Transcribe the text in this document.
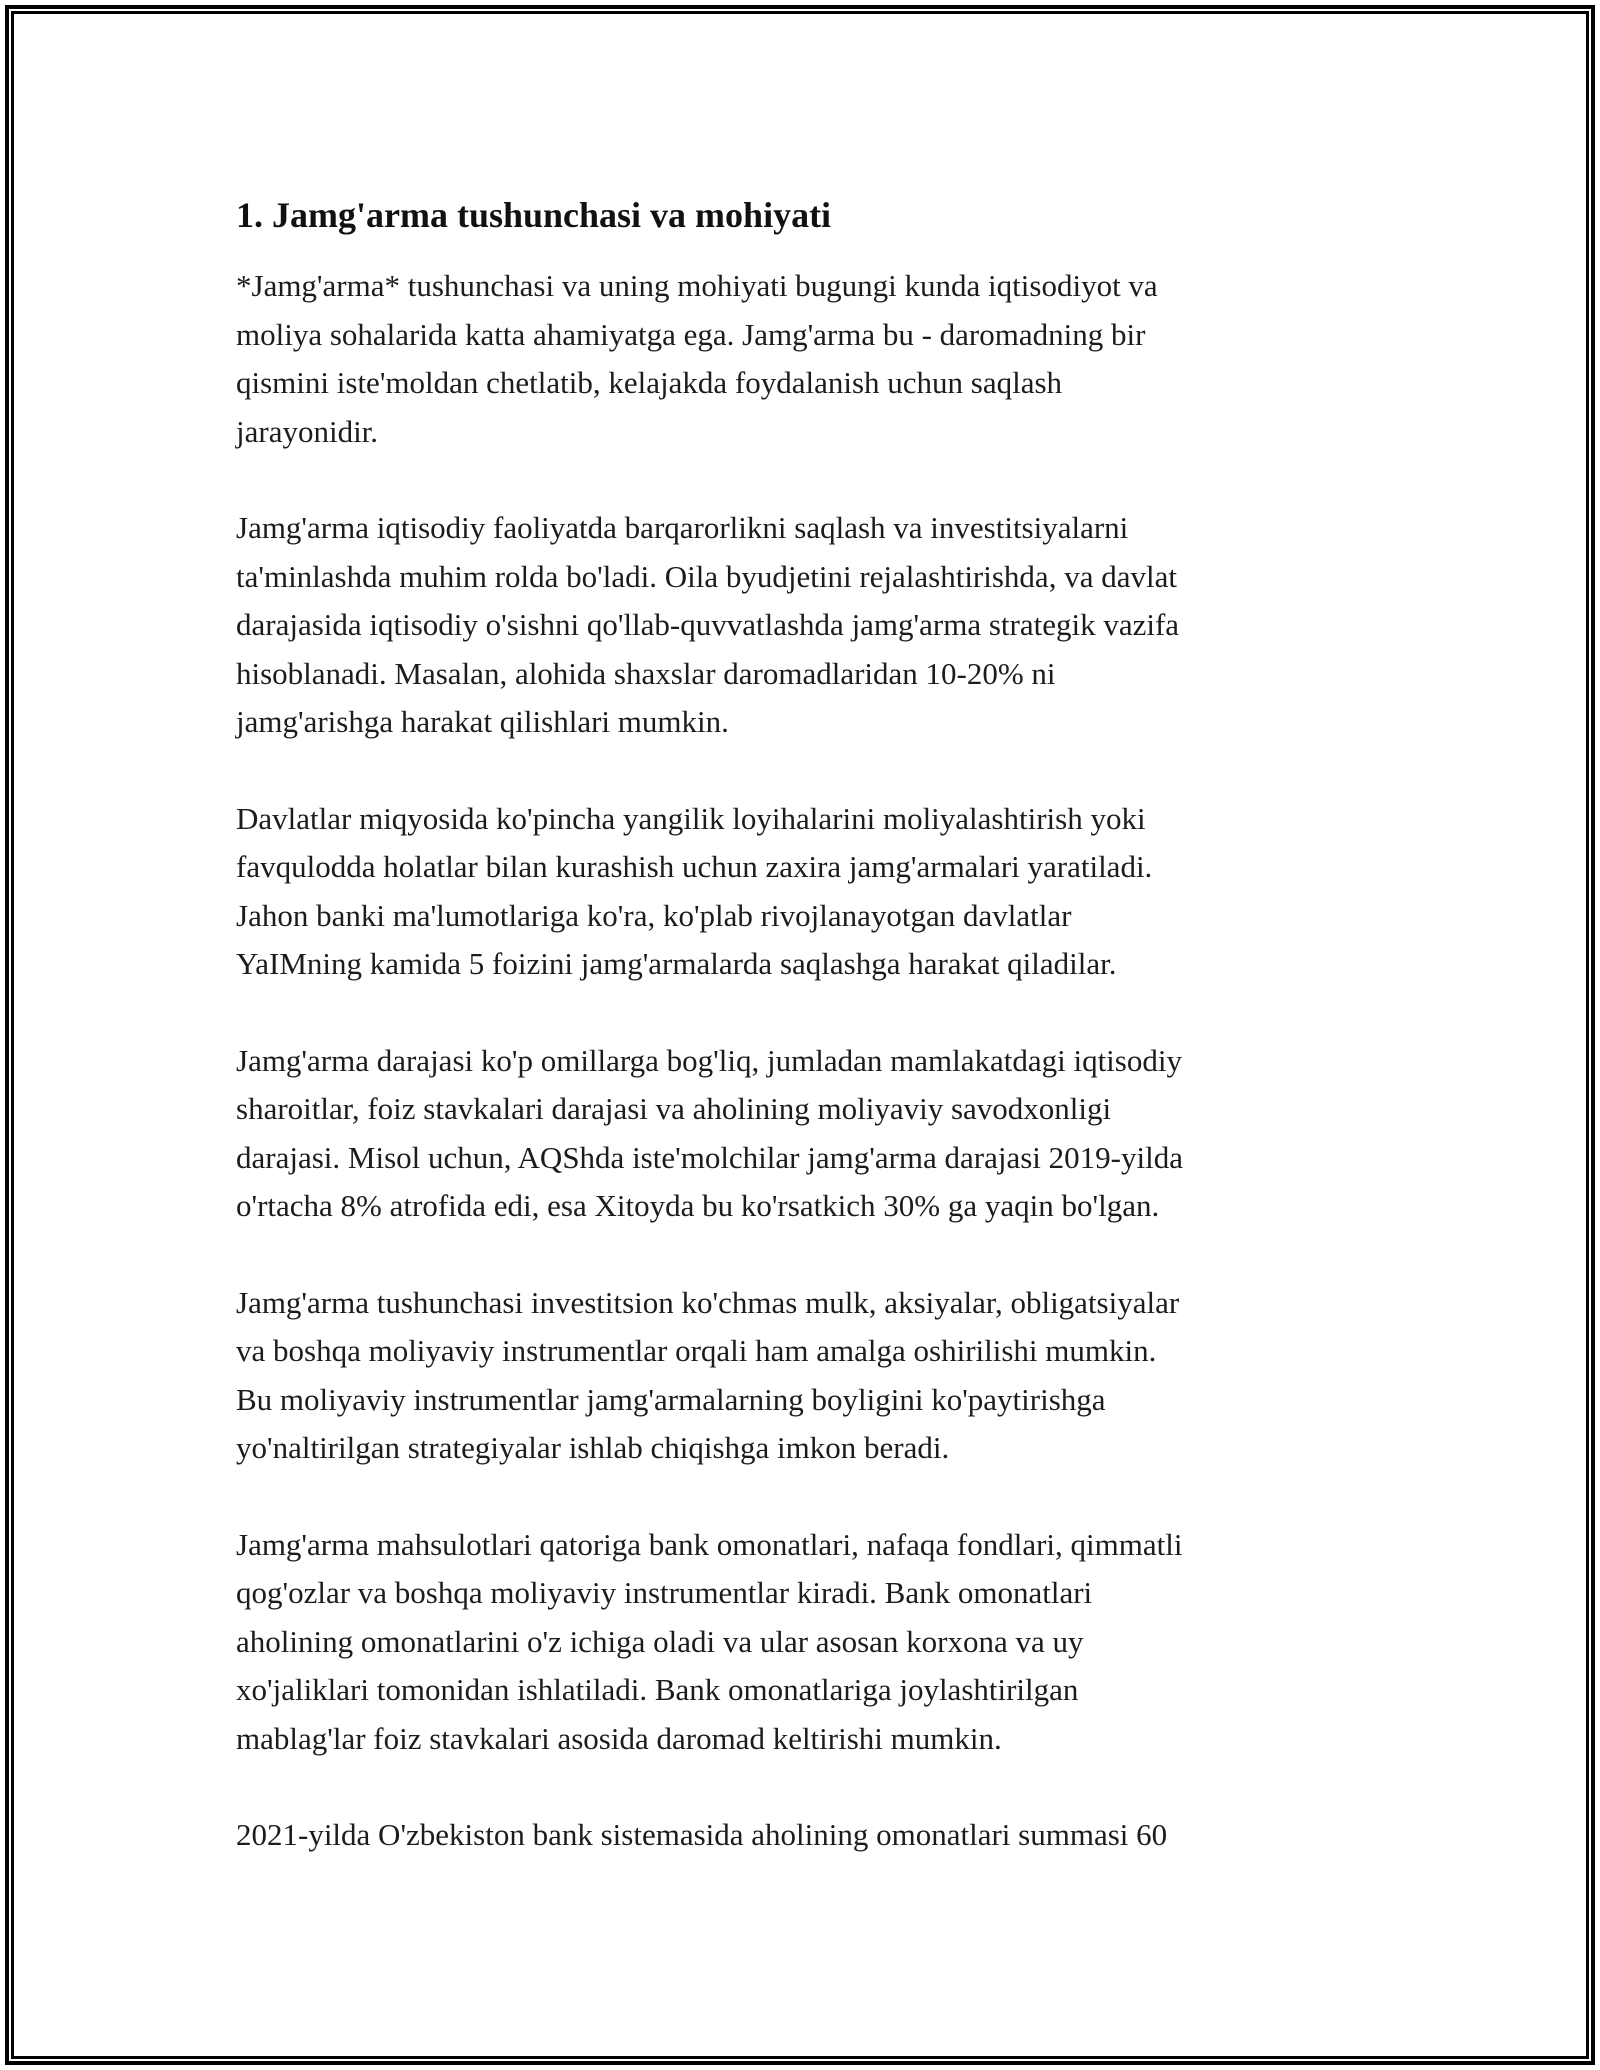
1. Jamg'arma tushunchasi va mohiyati

*Jamg'arma* tushunchasi va uning mohiyati bugungi kunda iqtisodiyot va
moliya sohalarida katta ahamiyatga ega. Jamg'arma bu - daromadning bir
qismini iste'moldan chetlatib, kelajakda foydalanish uchun saqlash
jarayonidir.

Jamg'arma iqtisodiy faoliyatda barqarorlikni saqlash va investitsiyalarni
ta'minlashda muhim rolda bo'ladi. Oila byudjetini rejalashtirishda, va davlat
darajasida iqtisodiy o'sishni qo'llab-quvvatlashda jamg'arma strategik vazifa
hisoblanadi. Masalan, alohida shaxslar daromadlaridan 10-20% ni
jamg'arishga harakat qilishlari mumkin.

Davlatlar miqyosida ko'pincha yangilik loyihalarini moliyalashtirish yoki
favqulodda holatlar bilan kurashish uchun zaxira jamg'armalari yaratiladi.
Jahon banki ma'lumotlariga ko'ra, ko'plab rivojlanayotgan davlatlar
YaIMning kamida 5 foizini jamg'armalarda saqlashga harakat qiladilar.

Jamg'arma darajasi ko'p omillarga bog'liq, jumladan mamlakatdagi iqtisodiy
sharoitlar, foiz stavkalari darajasi va aholining moliyaviy savodxonligi
darajasi. Misol uchun, AQShda iste'molchilar jamg'arma darajasi 2019-yilda
o'rtacha 8% atrofida edi, esa Xitoyda bu ko'rsatkich 30% ga yaqin bo'lgan.

Jamg'arma tushunchasi investitsion ko'chmas mulk, aksiyalar, obligatsiyalar
va boshqa moliyaviy instrumentlar orqali ham amalga oshirilishi mumkin.
Bu moliyaviy instrumentlar jamg'armalarning boyligini ko'paytirishga
yo'naltirilgan strategiyalar ishlab chiqishga imkon beradi.

Jamg'arma mahsulotlari qatoriga bank omonatlari, nafaqa fondlari, qimmatli
qog'ozlar va boshqa moliyaviy instrumentlar kiradi. Bank omonatlari
aholining omonatlarini o'z ichiga oladi va ular asosan korxona va uy
xo'jaliklari tomonidan ishlatiladi. Bank omonatlariga joylashtirilgan
mablag'lar foiz stavkalari asosida daromad keltirishi mumkin.

2021-yilda O'zbekiston bank sistemasida aholining omonatlari summasi 60
